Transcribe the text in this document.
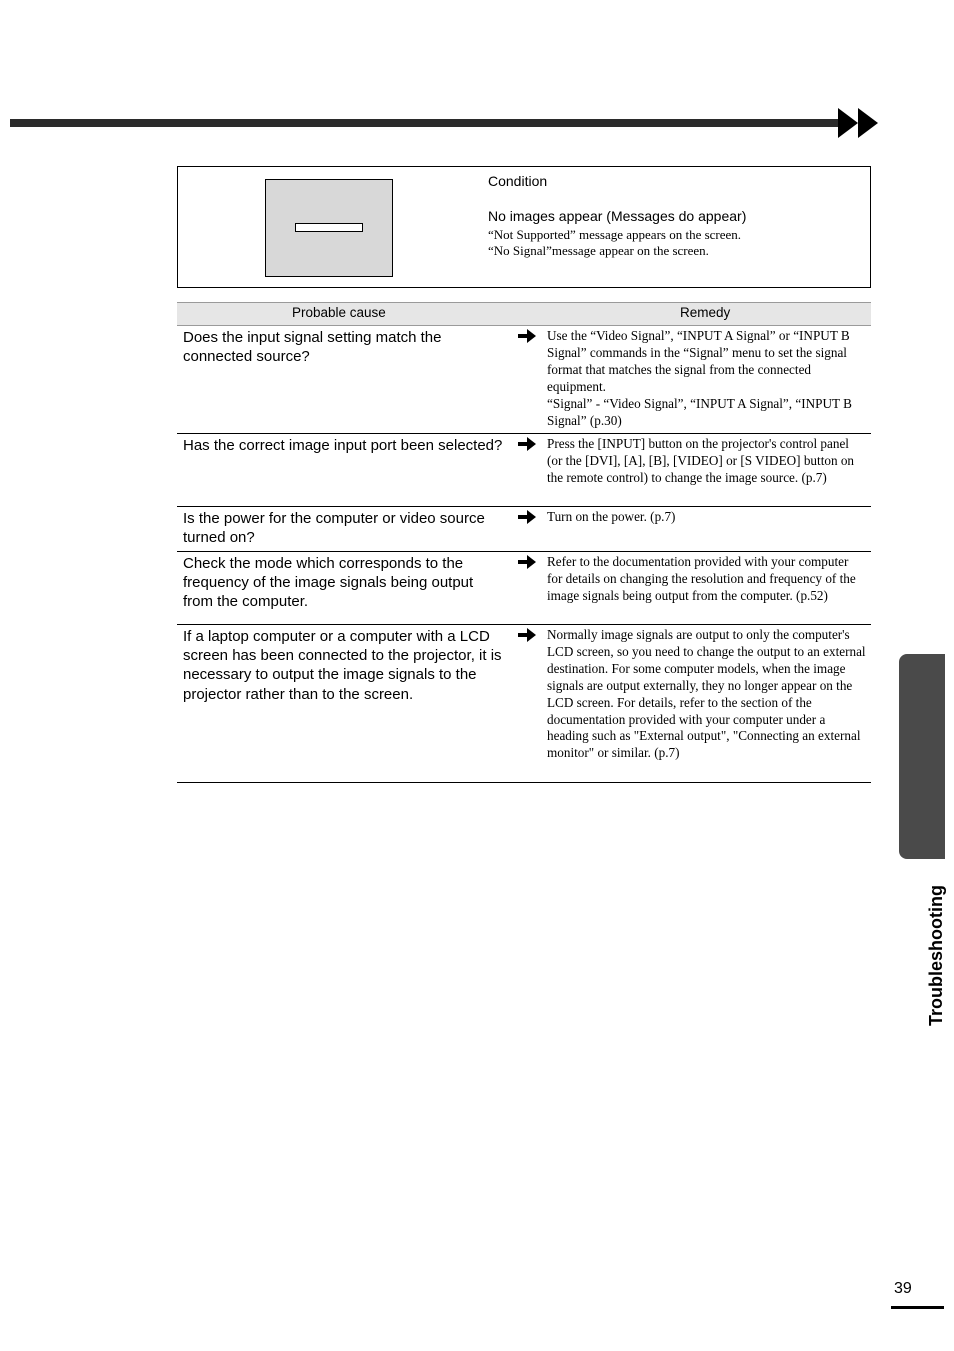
Condition
No images appear (Messages do appear)
“Not Supported” message appears on the screen.
“No Signal”message appear on the screen.
Probable cause	Remedy
Does the input signal setting match the connected source?
Use the “Video Signal”, “INPUT A Signal” or “INPUT B Signal” commands in the “Signal” menu to set the signal format that matches the signal from the connected equipment.
“Signal” - “Video Signal”, “INPUT A Signal”, “INPUT B Signal” (p.30)
Has the correct image input port been selected?	Press the [INPUT] button on the projector's control panel (or the [DVI], [A], [B], [VIDEO] or [S VIDEO] button on the remote control) to change the image source. (p.7)
Is the power for the computer or video source turned on?
Turn on the power. (p.7)
Check the mode which corresponds to the frequency of the image signals being output from the computer.
Refer to the documentation provided with your computer for details on changing the resolution and frequency of the image signals being output from the computer. (p.52)
If a laptop computer or a computer with a LCD screen has been connected to the projector, it is necessary to output the image signals to the projector rather than to the screen.
Normally image signals are output to only the computer's LCD screen, so you need to change the output to an external destination. For some computer models, when the image signals are output externally, they no longer appear on the LCD screen. For details, refer to the section of the documentation provided with your computer under a heading such as "External output", "Connecting an external monitor" or similar. (p.7)
Troubleshooting
39
